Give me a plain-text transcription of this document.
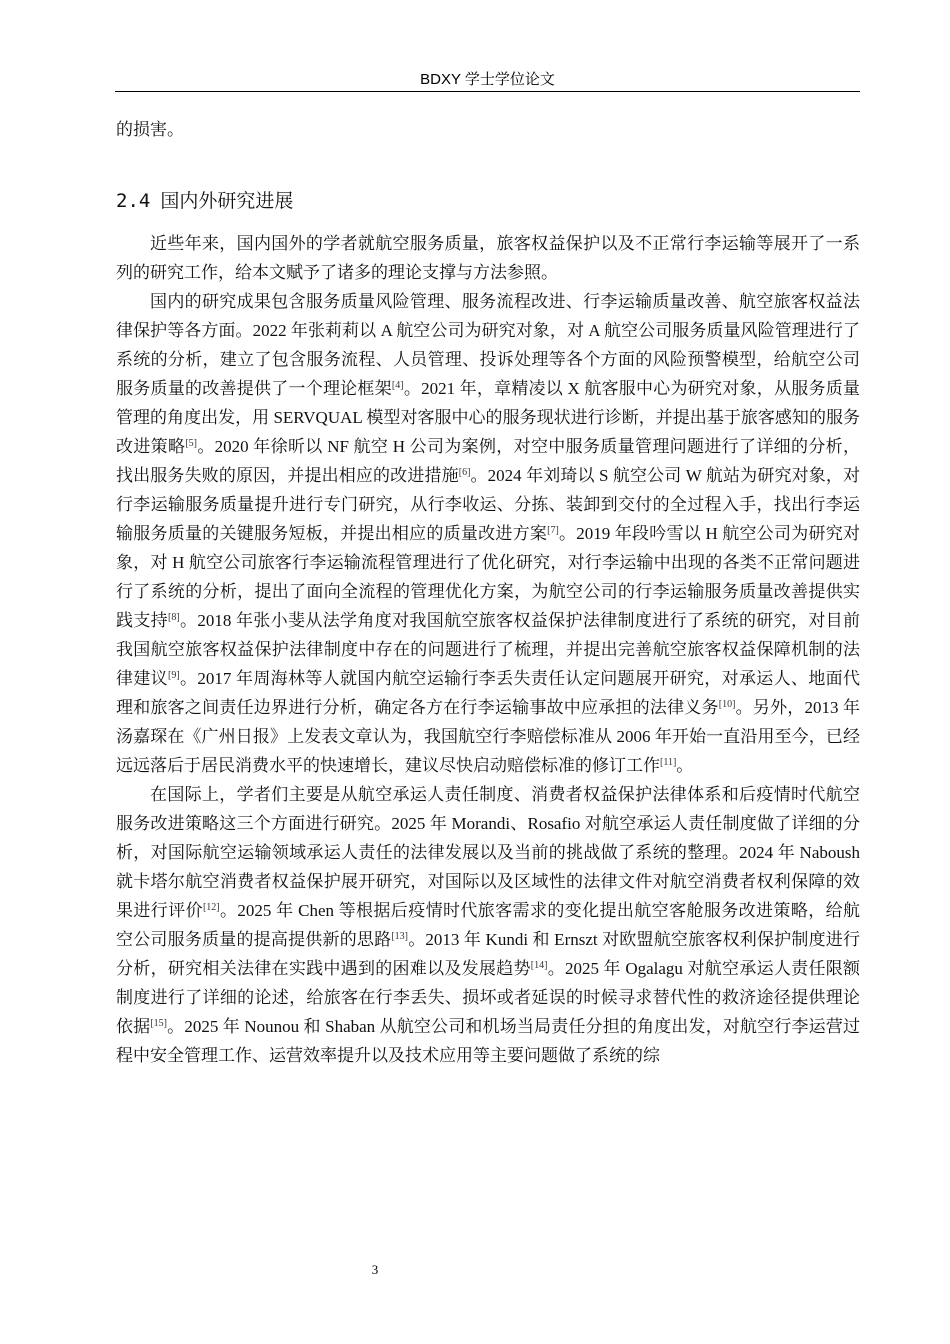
BDXY 学士学位论文

的损害。

2.4 国内外研究进展

近些年来，国内国外的学者就航空服务质量，旅客权益保护以及不正常行李运输等展开了一系列的研究工作，给本文赋予了诸多的理论支撑与方法参照。

国内的研究成果包含服务质量风险管理、服务流程改进、行李运输质量改善、航空旅客权益法律保护等各方面。2022 年张莉莉以 A 航空公司为研究对象，对 A 航空公司服务质量风险管理进行了系统的分析，建立了包含服务流程、人员管理、投诉处理等各个方面的风险预警模型，给航空公司服务质量的改善提供了一个理论框架[4]。2021 年，章精凌以 X 航客服中心为研究对象，从服务质量管理的角度出发，用 SERVQUAL 模型对客服中心的服务现状进行诊断，并提出基于旅客感知的服务改进策略[5]。2020 年徐昕以 NF 航空 H 公司为案例，对空中服务质量管理问题进行了详细的分析，找出服务失败的原因，并提出相应的改进措施[6]。2024 年刘琦以 S 航空公司 W 航站为研究对象，对行李运输服务质量提升进行专门研究，从行李收运、分拣、装卸到交付的全过程入手，找出行李运输服务质量的关键服务短板，并提出相应的质量改进方案[7]。2019 年段吟雪以 H 航空公司为研究对象，对 H 航空公司旅客行李运输流程管理进行了优化研究，对行李运输中出现的各类不正常问题进行了系统的分析，提出了面向全流程的管理优化方案，为航空公司的行李运输服务质量改善提供实践支持[8]。2018 年张小斐从法学角度对我国航空旅客权益保护法律制度进行了系统的研究，对目前我国航空旅客权益保护法律制度中存在的问题进行了梳理，并提出完善航空旅客权益保障机制的法律建议[9]。2017 年周海林等人就国内航空运输行李丢失责任认定问题展开研究，对承运人、地面代理和旅客之间责任边界进行分析，确定各方在行李运输事故中应承担的法律义务[10]。另外，2013 年汤嘉琛在《广州日报》上发表文章认为，我国航空行李赔偿标准从 2006 年开始一直沿用至今，已经远远落后于居民消费水平的快速增长，建议尽快启动赔偿标准的修订工作[11]。

在国际上，学者们主要是从航空承运人责任制度、消费者权益保护法律体系和后疫情时代航空服务改进策略这三个方面进行研究。2025 年 Morandi、Rosafio 对航空承运人责任制度做了详细的分析，对国际航空运输领域承运人责任的法律发展以及当前的挑战做了系统的整理。2024 年 Naboush 就卡塔尔航空消费者权益保护展开研究，对国际以及区域性的法律文件对航空消费者权利保障的效果进行评价[12]。2025 年 Chen 等根据后疫情时代旅客需求的变化提出航空客舱服务改进策略，给航空公司服务质量的提高提供新的思路[13]。2013 年 Kundi 和 Ernszt 对欧盟航空旅客权利保护制度进行分析，研究相关法律在实践中遇到的困难以及发展趋势[14]。2025 年 Ogalagu 对航空承运人责任限额制度进行了详细的论述，给旅客在行李丢失、损坏或者延误的时候寻求替代性的救济途径提供理论依据[15]。2025 年 Nounou 和 Shaban 从航空公司和机场当局责任分担的角度出发，对航空行李运营过程中安全管理工作、运营效率提升以及技术应用等主要问题做了系统的综

3
